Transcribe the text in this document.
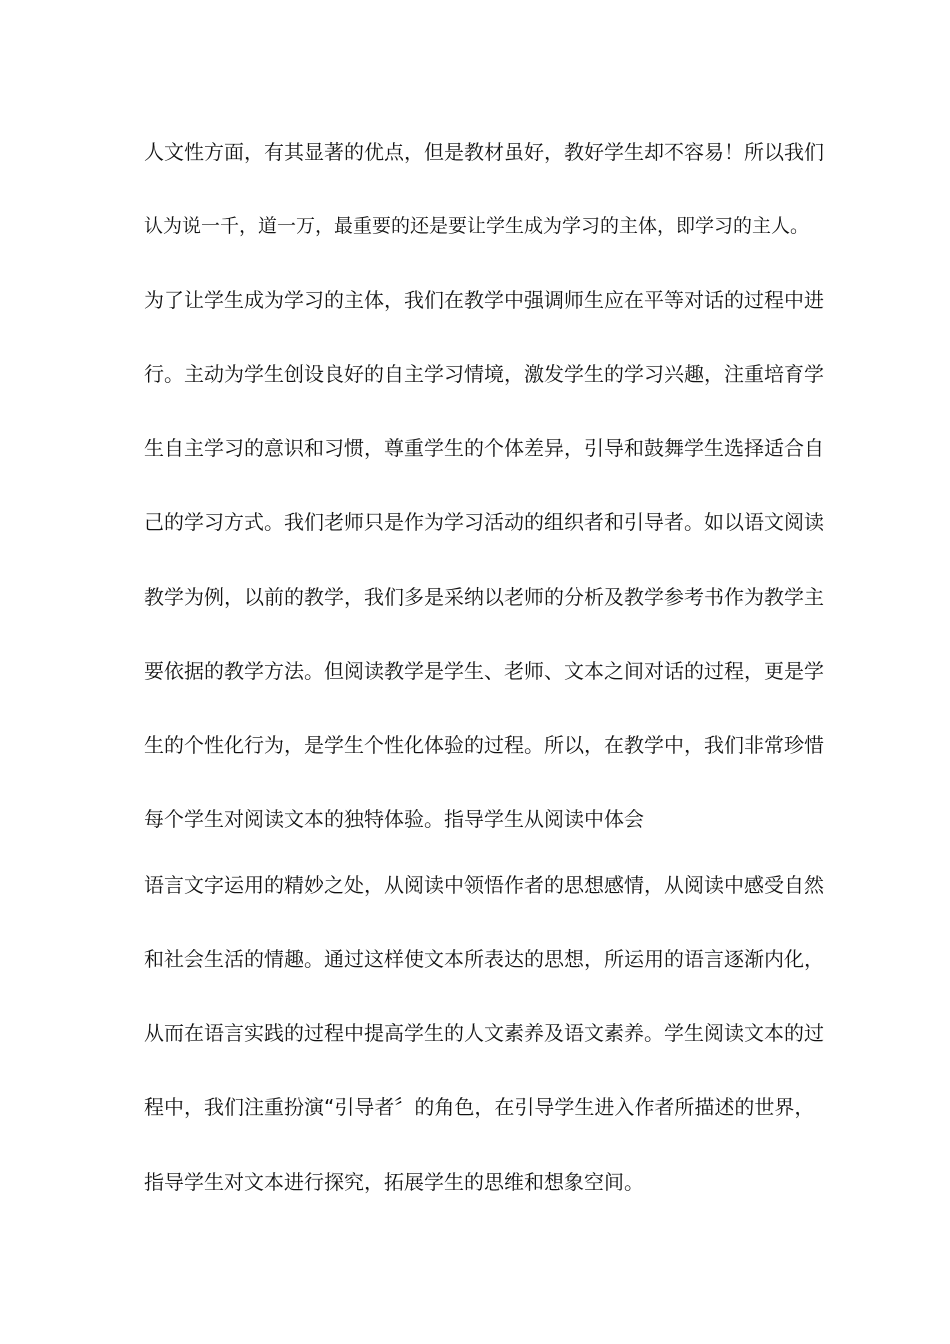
人文性方面，有其显著的优点，但是教材虽好，教好学生却不容易！所以我们
认为说一千，道一万，最重要的还是要让学生成为学习的主体，即学习的主人。
为了让学生成为学习的主体，我们在教学中强调师生应在平等对话的过程中进
行。主动为学生创设良好的自主学习情境，激发学生的学习兴趣，注重培育学
生自主学习的意识和习惯，尊重学生的个体差异，引导和鼓舞学生选择适合自
己的学习方式。我们老师只是作为学习活动的组织者和引导者。如以语文阅读
教学为例，以前的教学，我们多是采纳以老师的分析及教学参考书作为教学主
要依据的教学方法。但阅读教学是学生、老师、文本之间对话的过程，更是学
生的个性化行为，是学生个性化体验的过程。所以，在教学中，我们非常珍惜
每个学生对阅读文本的独特体验。指导学生从阅读中体会
语言文字运用的精妙之处，从阅读中领悟作者的思想感情，从阅读中感受自然
和社会生活的情趣。通过这样使文本所表达的思想，所运用的语言逐渐内化，
从而在语言实践的过程中提高学生的人文素养及语文素养。学生阅读文本的过
程中，我们注重扮演“引导者〞的角色，在引导学生进入作者所描述的世界，
指导学生对文本进行探究，拓展学生的思维和想象空间。
